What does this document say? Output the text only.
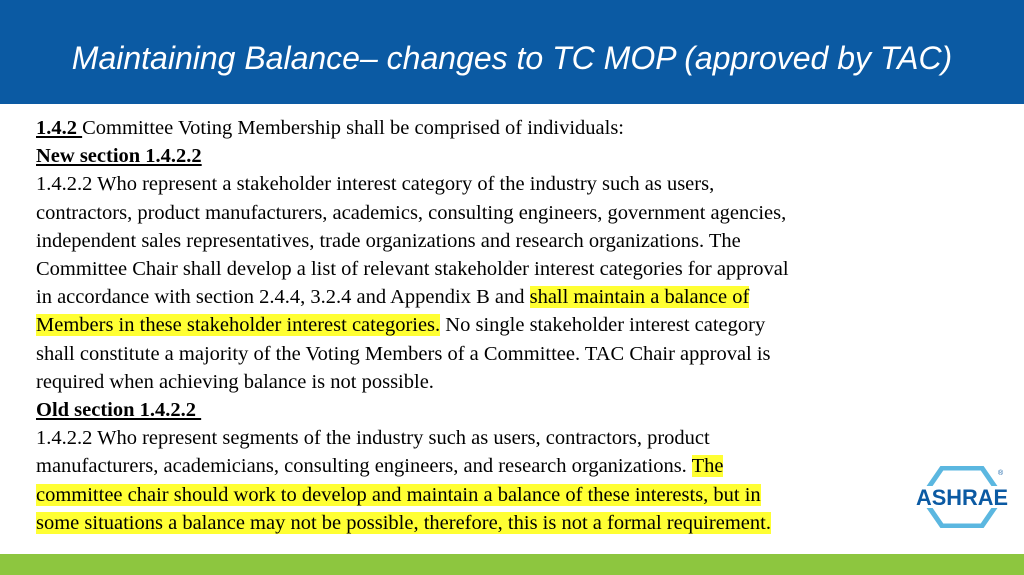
Maintaining Balance– changes to TC MOP (approved by TAC)
1.4.2 Committee Voting Membership shall be comprised of individuals:
New section 1.4.2.2
1.4.2.2 Who represent a stakeholder interest category of the industry such as users,
contractors, product manufacturers, academics, consulting engineers, government agencies,
independent sales representatives, trade organizations and research organizations. The
Committee Chair shall develop a list of relevant stakeholder interest categories for approval
in accordance with section 2.4.4, 3.2.4 and Appendix B and shall maintain a balance of
Members in these stakeholder interest categories. No single stakeholder interest category
shall constitute a majority of the Voting Members of a Committee. TAC Chair approval is
required when achieving balance is not possible.
Old section 1.4.2.2
1.4.2.2 Who represent segments of the industry such as users, contractors, product
manufacturers, academicians, consulting engineers, and research organizations. The
committee chair should work to develop and maintain a balance of these interests, but in
some situations a balance may not be possible, therefore, this is not a formal requirement.
ASHRAE
®
